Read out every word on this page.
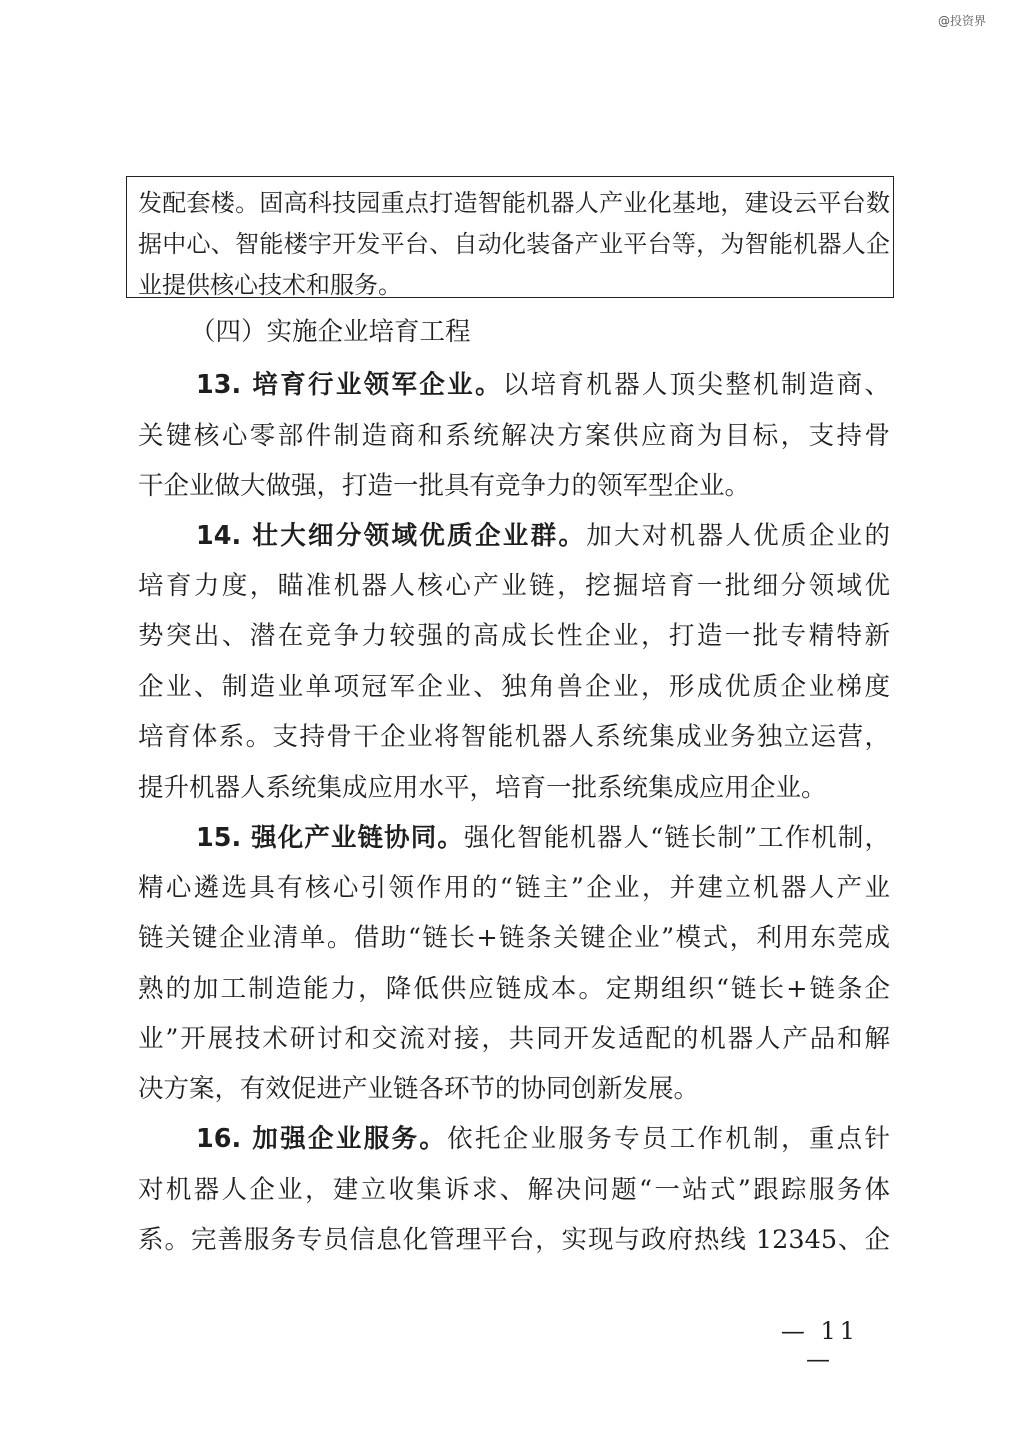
@投资界
发配套楼。固高科技园重点打造智能机器人产业化基地，建设云平台数
据中心、智能楼宇开发平台、自动化装备产业平台等，为智能机器人企
业提供核心技术和服务。
（四）实施企业培育工程
13. 培育行业领军企业。以培育机器人顶尖整机制造商、
关键核心零部件制造商和系统解决方案供应商为目标，支持骨
干企业做大做强，打造一批具有竞争力的领军型企业。
14. 壮大细分领域优质企业群。加大对机器人优质企业的
培育力度，瞄准机器人核心产业链，挖掘培育一批细分领域优
势突出、潜在竞争力较强的高成长性企业，打造一批专精特新
企业、制造业单项冠军企业、独角兽企业，形成优质企业梯度
培育体系。支持骨干企业将智能机器人系统集成业务独立运营，
提升机器人系统集成应用水平，培育一批系统集成应用企业。
15. 强化产业链协同。强化智能机器人“链长制”工作机制，
精心遴选具有核心引领作用的“链主”企业，并建立机器人产业
链关键企业清单。借助“链长+链条关键企业”模式，利用东莞成
熟的加工制造能力，降低供应链成本。定期组织“链长+链条企
业”开展技术研讨和交流对接，共同开发适配的机器人产品和解
决方案，有效促进产业链各环节的协同创新发展。
16. 加强企业服务。依托企业服务专员工作机制，重点针
对机器人企业，建立收集诉求、解决问题“一站式”跟踪服务体
系。完善服务专员信息化管理平台，实现与政府热线 12345、企
— 11 —
